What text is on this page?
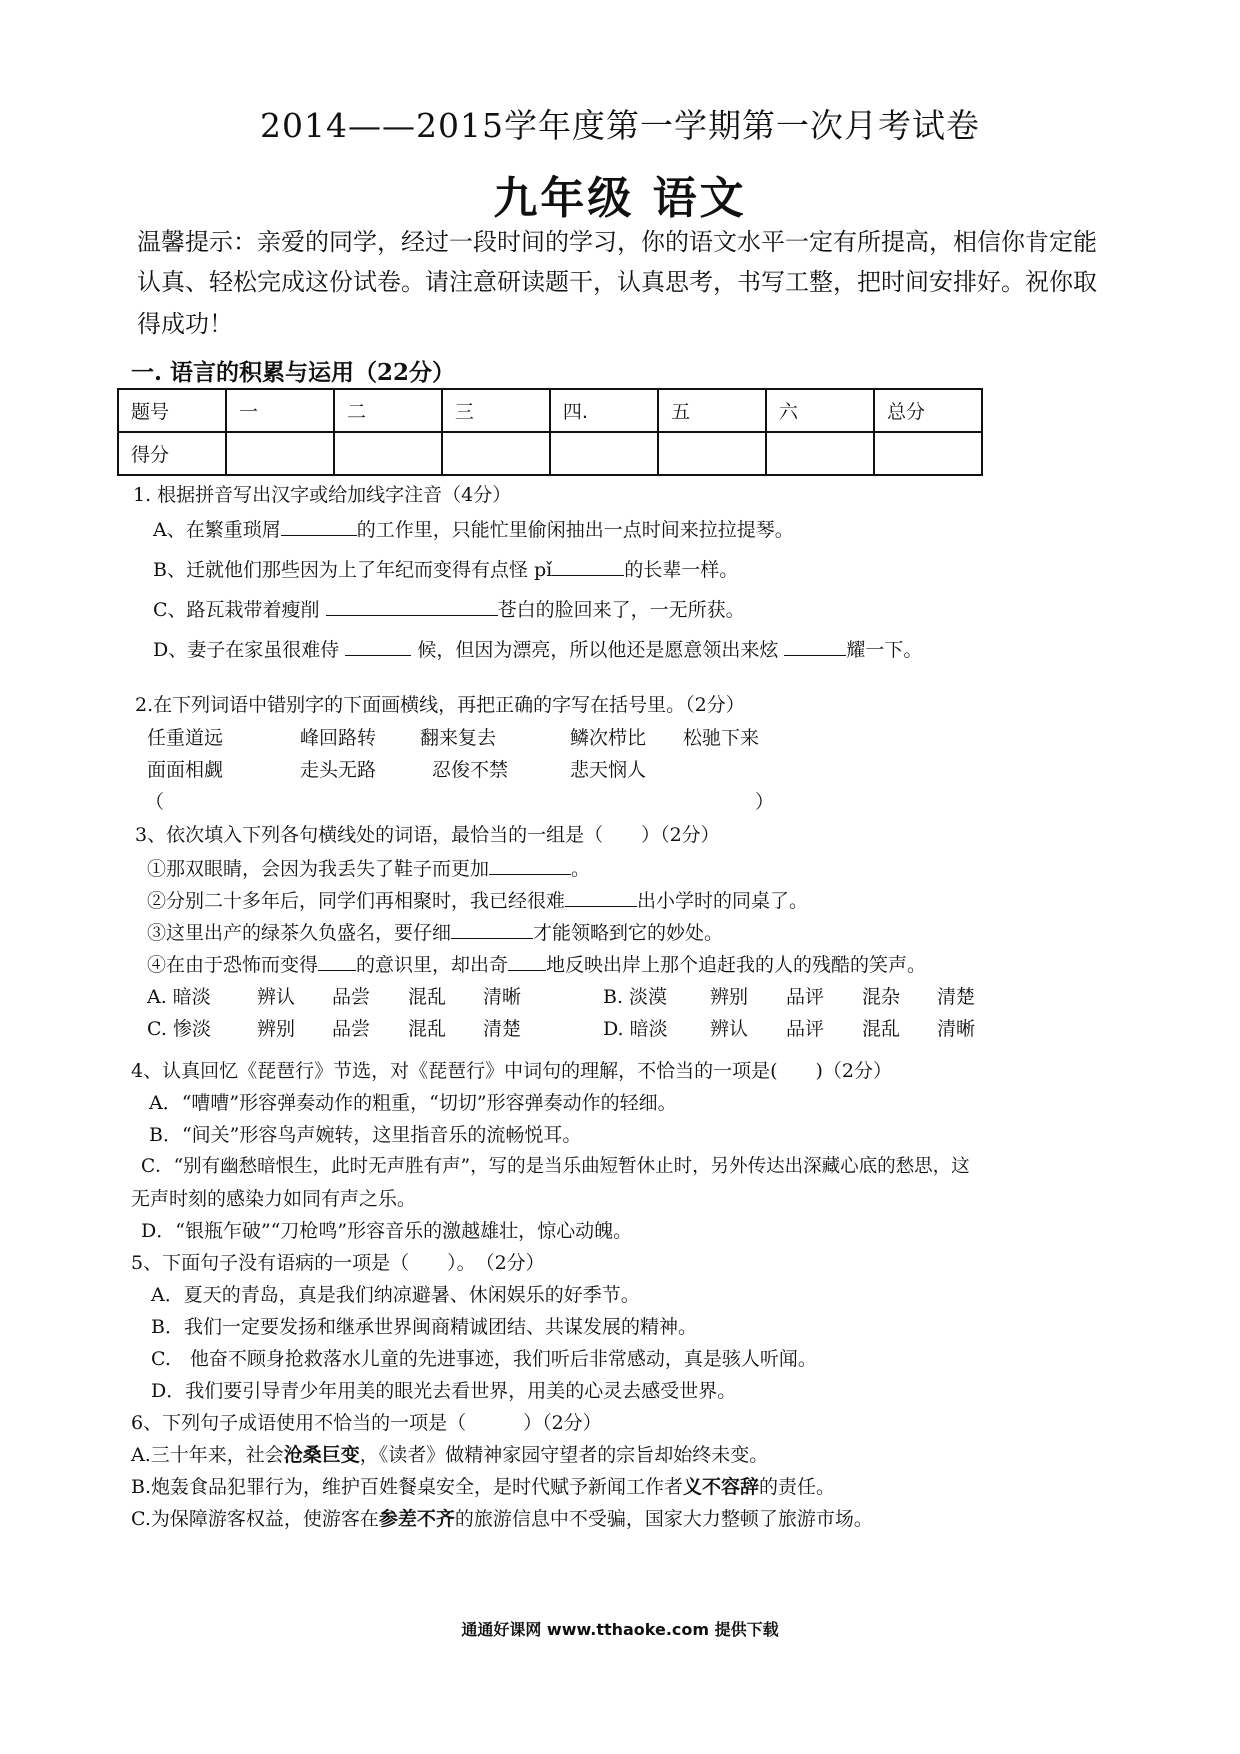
2014——2015学年度第一学期第一次月考试卷
九年级 语文
温馨提示：亲爱的同学，经过一段时间的学习，你的语文水平一定有所提高，相信你肯定能
认真、轻松完成这份试卷。请注意研读题干，认真思考，书写工整，把时间安排好。祝你取
得成功！
一. 语言的积累与运用（22分）
题号	一	二	三	四.	五	六	总分
得分							
1. 根据拼音写出汉字或给加线字注音（4分）
A、在繁重琐屑	的工作里，只能忙里偷闲抽出一点时间来拉拉提琴。
B、迁就他们那些因为上了年纪而变得有点怪 pǐ	的长辈一样。
C、路瓦栽带着瘦削	苍白的脸回来了，一无所获。
D、妻子在家虽很难侍	候，但因为漂亮，所以他还是愿意领出来炫	耀一下。
2.在下列词语中错别字的下面画横线，再把正确的字写在括号里。（2分）
任重道远	峰回路转 翻来复去	鳞次栉比 松驰下来
面面相觑	走头无路	忍俊不禁	悲天悯人
（	）
3、依次填入下列各句横线处的词语，最恰当的一组是（　　）（2分）
①那双眼睛，会因为我丢失了鞋子而更加	。
②分别二十多年后，同学们再相聚时，我已经很难	出小学时的同桌了。
③这里出产的绿茶久负盛名，要仔细	才能领略到它的妙处。
④在由于恐怖而变得 的意识里，却出奇 地反映出岸上那个追赶我的人的残酷的笑声。
A. 暗淡 辨认 品尝 混乱 清晰	B. 淡漠 辨别 品评 混杂 清楚
C. 惨淡 辨别 品尝 混乱 清楚	D. 暗淡 辨认 品评 混乱 清晰
4、认真回忆《琵琶行》节选，对《琵琶行》中词句的理解，不恰当的一项是(　　)（2分）
A．“嘈嘈”形容弹奏动作的粗重，“切切”形容弹奏动作的轻细。
B．“间关”形容鸟声婉转，这里指音乐的流畅悦耳。
C．“别有幽愁暗恨生，此时无声胜有声”，写的是当乐曲短暂休止时，另外传达出深藏心底的愁思，这
无声时刻的感染力如同有声之乐。
D．“银瓶乍破”“刀枪鸣”形容音乐的激越雄壮，惊心动魄。
5、下面句子没有语病的一项是（　　）。　（2分）
A．夏天的青岛，真是我们纳凉避暑、休闲娱乐的好季节。
B．我们一定要发扬和继承世界闽商精诚团结、共谋发展的精神。
C.　他奋不顾身抢救落水儿童的先进事迹，我们听后非常感动，真是骇人听闻。
D．我们要引导青少年用美的眼光去看世界，用美的心灵去感受世界。
6、下列句子成语使用不恰当的一项是（　　　）（2分）
A.三十年来，社会沧桑巨变，《读者》做精神家园守望者的宗旨却始终未变。
B.炮轰食品犯罪行为，维护百姓餐桌安全，是时代赋予新闻工作者义不容辞的责任。
C.为保障游客权益，使游客在参差不齐的旅游信息中不受骗，国家大力整顿了旅游市场。
通通好课网 www.tthaoke.com 提供下载
